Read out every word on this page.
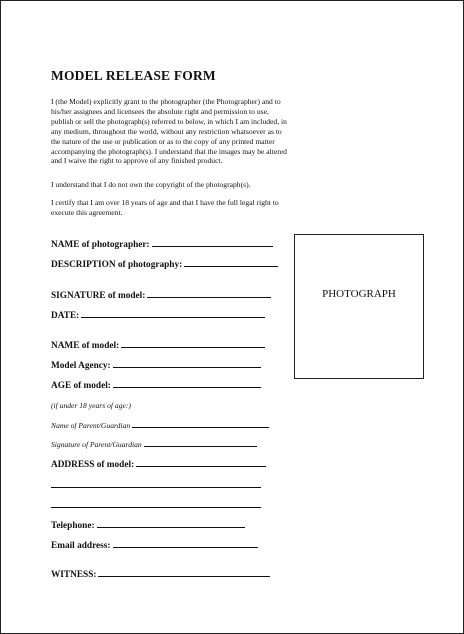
MODEL RELEASE FORM
I (the Model) explicitly grant to the photographer (the Photographer) and to his/her assignees and licensees the absolute right and permission to use, publish or sell the photograph(s) referred to below, in which I am included, in any medium, throughout the world, without any restriction whatsoever as to the nature of the use or publication or as to the copy of any printed matter accompanying the photograph(s). I understand that the images may be altered and I waive the right to approve of any finished product.
I understand that I do not own the copyright of the photograph(s).
I certify that I am over 18 years of age and that I have the full legal right to execute this agreement.
NAME of photographer:
DESCRIPTION of photography:
SIGNATURE of model:
DATE:
NAME of model:
Model Agency:
AGE of model:
(if under 18 years of age:)
Name of Parent/Guardian
Signature of Parent/Guardian
ADDRESS of model:
Telephone:
Email address:
WITNESS:
PHOTOGRAPH
